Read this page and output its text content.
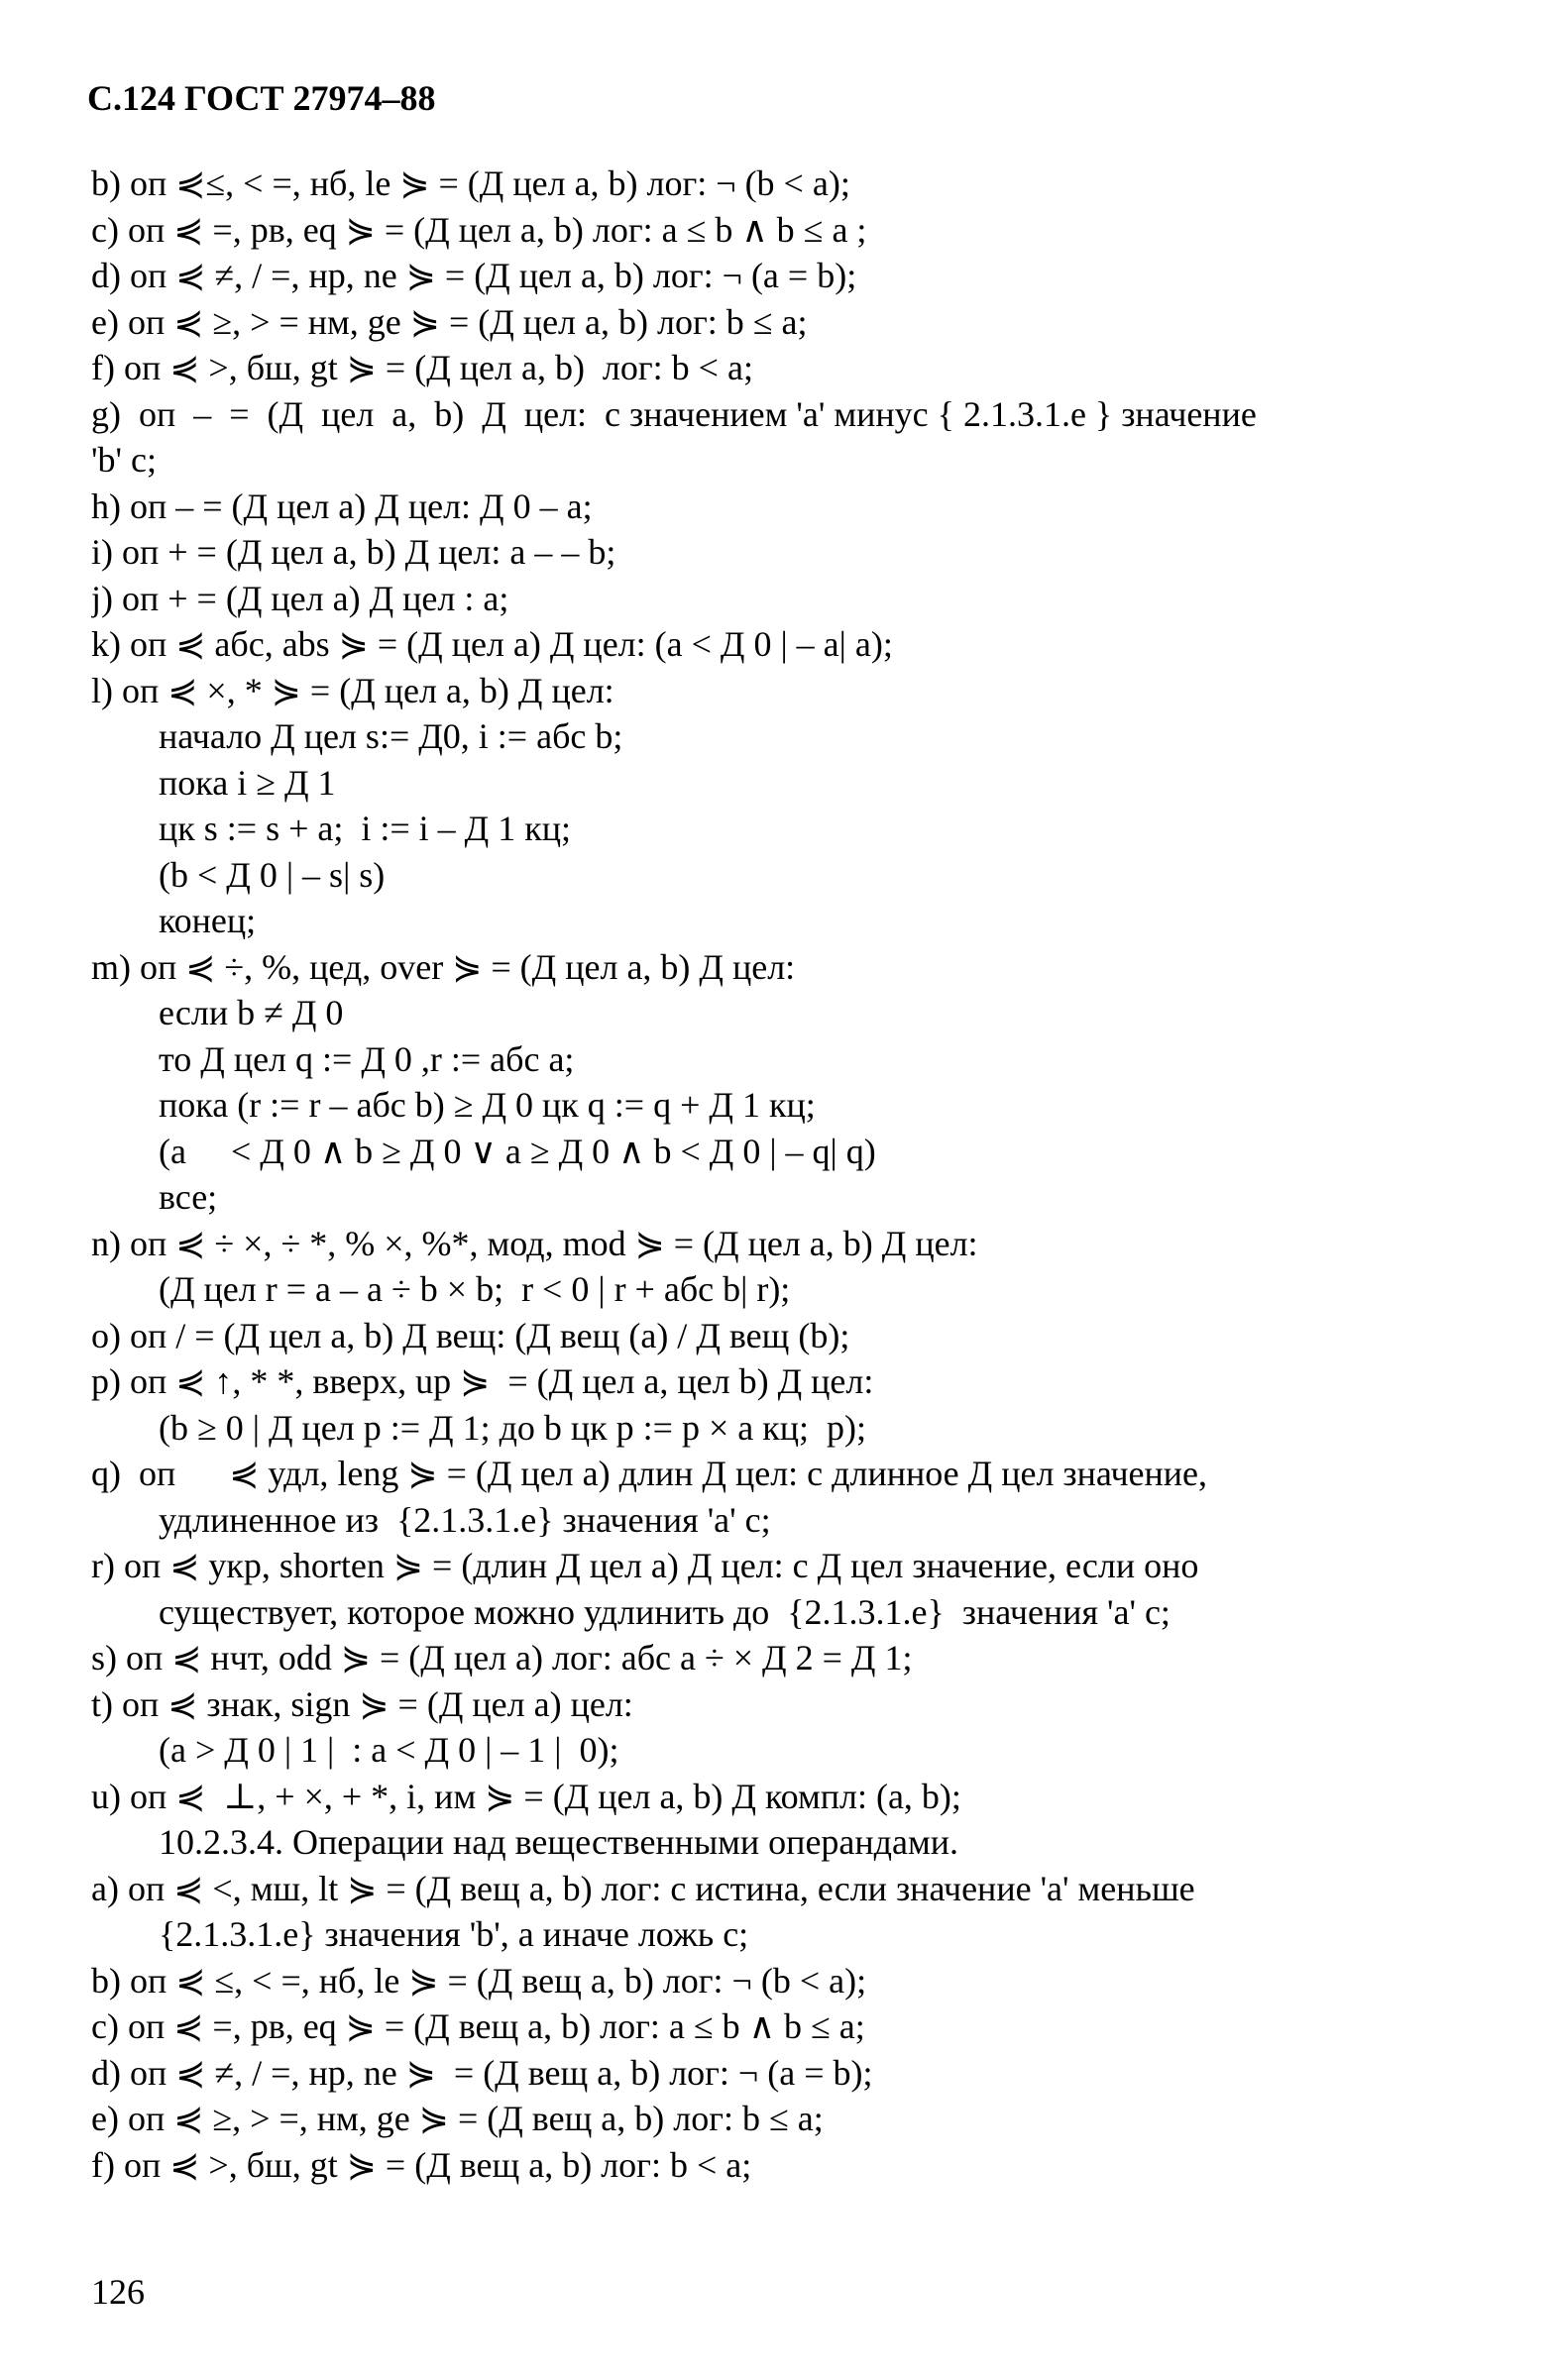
С.124 ГОСТ 27974–88
b) оп ⋞≤, < =, нб, le ⋟ = (Д цел a, b) лог: ¬ (b < a);
c) оп ⋞ =, рв, eq ⋟ = (Д цел a, b) лог: a ≤ b ∧ b ≤ a ;
d) оп ⋞ ≠, / =, нр, ne ⋟ = (Д цел a, b) лог: ¬ (a = b);
e) оп ⋞ ≥, > = нм, ge ⋟ = (Д цел a, b) лог: b ≤ a;
f) оп ⋞ >, бш, gt ⋟ = (Д цел a, b)  лог: b < a;
g)  оп  –  =  (Д  цел  a,  b)  Д  цел:  с значением 'a' минус { 2.1.3.1.e } значение
'b' с;
h) оп – = (Д цел a) Д цел: Д 0 – a;
i) оп + = (Д цел a, b) Д цел: a – – b;
j) оп + = (Д цел a) Д цел : a;
k) оп ⋞ абс, abs ⋟ = (Д цел a) Д цел: (a < Д 0 | – a| a);
l) оп ⋞ ×, * ⋟ = (Д цел a, b) Д цел:
начало Д цел s:= Д0, i := абс b;
пока i ≥ Д 1
цк s := s + a;  i := i – Д 1 кц;
(b < Д 0 | – s| s)
конец;
m) оп ⋞ ÷, %, цед, over ⋟ = (Д цел a, b) Д цел:
если b ≠ Д 0
то Д цел q := Д 0 ,r := абс a;
пока (r := r – абс b) ≥ Д 0 цк q := q + Д 1 кц;
(a     < Д 0 ∧ b ≥ Д 0 ∨ a ≥ Д 0 ∧ b < Д 0 | – q| q)
все;
n) оп ⋞ ÷ ×, ÷ *, % ×, %*, мод, mod ⋟ = (Д цел a, b) Д цел:
(Д цел r = a – a ÷ b × b;  r < 0 | r + абс b| r);
o) оп / = (Д цел a, b) Д вещ: (Д вещ (a) / Д вещ (b);
p) оп ⋞ ↑, * *, вверх, up ⋟  = (Д цел a, цел b) Д цел:
(b ≥ 0 | Д цел p := Д 1; до b цк p := p × a кц;  p);
q)  оп      ⋞ удл, leng ⋟ = (Д цел a) длин Д цел: с длинное Д цел значение,
удлиненное из  {2.1.3.1.e} значения 'a' с;
r) оп ⋞ укр, shorten ⋟ = (длин Д цел a) Д цел: с Д цел значение, если оно
существует, которое можно удлинить до  {2.1.3.1.e}  значения 'a' с;
s) оп ⋞ нчт, odd ⋟ = (Д цел a) лог: абс a ÷ × Д 2 = Д 1;
t) оп ⋞ знак, sign ⋟ = (Д цел a) цел:
(a > Д 0 | 1 |  : a < Д 0 | – 1 |  0);
u) оп ⋞  ⊥, + ×, + *, i, им ⋟ = (Д цел a, b) Д компл: (a, b);
10.2.3.4. Операции над вещественными операндами.
a) оп ⋞ <, мш, lt ⋟ = (Д вещ a, b) лог: с истина, если значение 'a' меньше
{2.1.3.1.e} значения 'b', а иначе ложь с;
b) оп ⋞ ≤, < =, нб, le ⋟ = (Д вещ a, b) лог: ¬ (b < a);
c) оп ⋞ =, рв, eq ⋟ = (Д вещ a, b) лог: a ≤ b ∧ b ≤ a;
d) оп ⋞ ≠, / =, нр, ne ⋟  = (Д вещ a, b) лог: ¬ (a = b);
e) оп ⋞ ≥, > =, нм, ge ⋟ = (Д вещ a, b) лог: b ≤ a;
f) оп ⋞ >, бш, gt ⋟ = (Д вещ a, b) лог: b < a;
126
